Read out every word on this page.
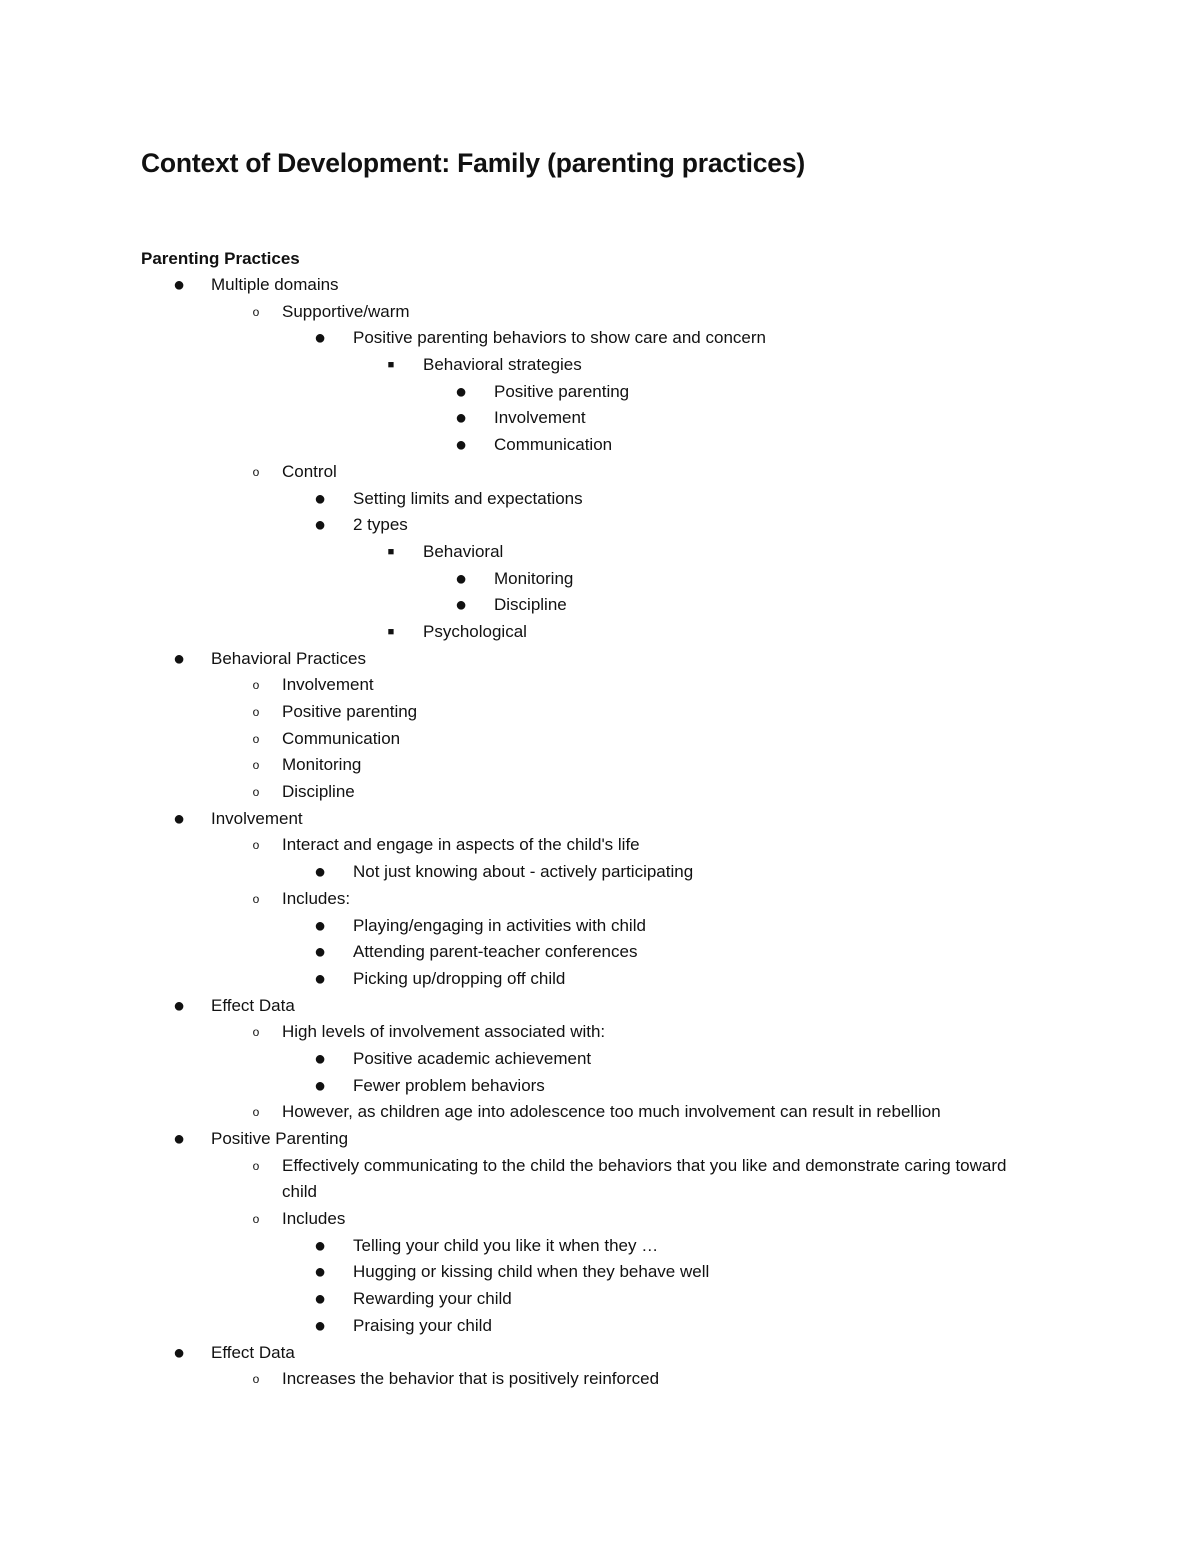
Context of Development: Family (parenting practices)
Parenting Practices
● Multiple domains
o	Supportive/warm
● Positive parenting behaviors to show care and concern
■	Behavioral strategies
● Positive parenting
● Involvement
● Communication
o	Control
● Setting limits and expectations
● 2 types
■	Behavioral
● Monitoring
● Discipline
■	Psychological
● Behavioral Practices
o	Involvement
o	Positive parenting
o	Communication
o	Monitoring
o	Discipline
● Involvement
o	Interact and engage in aspects of the child's life
● Not just knowing about - actively participating
o	Includes:
● Playing/engaging in activities with child
● Attending parent-teacher conferences
● Picking up/dropping off child
● Effect Data
o	High levels of involvement associated with:
● Positive academic achievement
● Fewer problem behaviors
o	However, as children age into adolescence too much involvement can result in rebellion
● Positive Parenting
o	Effectively communicating to the child the behaviors that you like and demonstrate caring toward child
o	Includes
● Telling your child you like it when they …
● Hugging or kissing child when they behave well
● Rewarding your child
● Praising your child
● Effect Data
o	Increases the behavior that is positively reinforced
